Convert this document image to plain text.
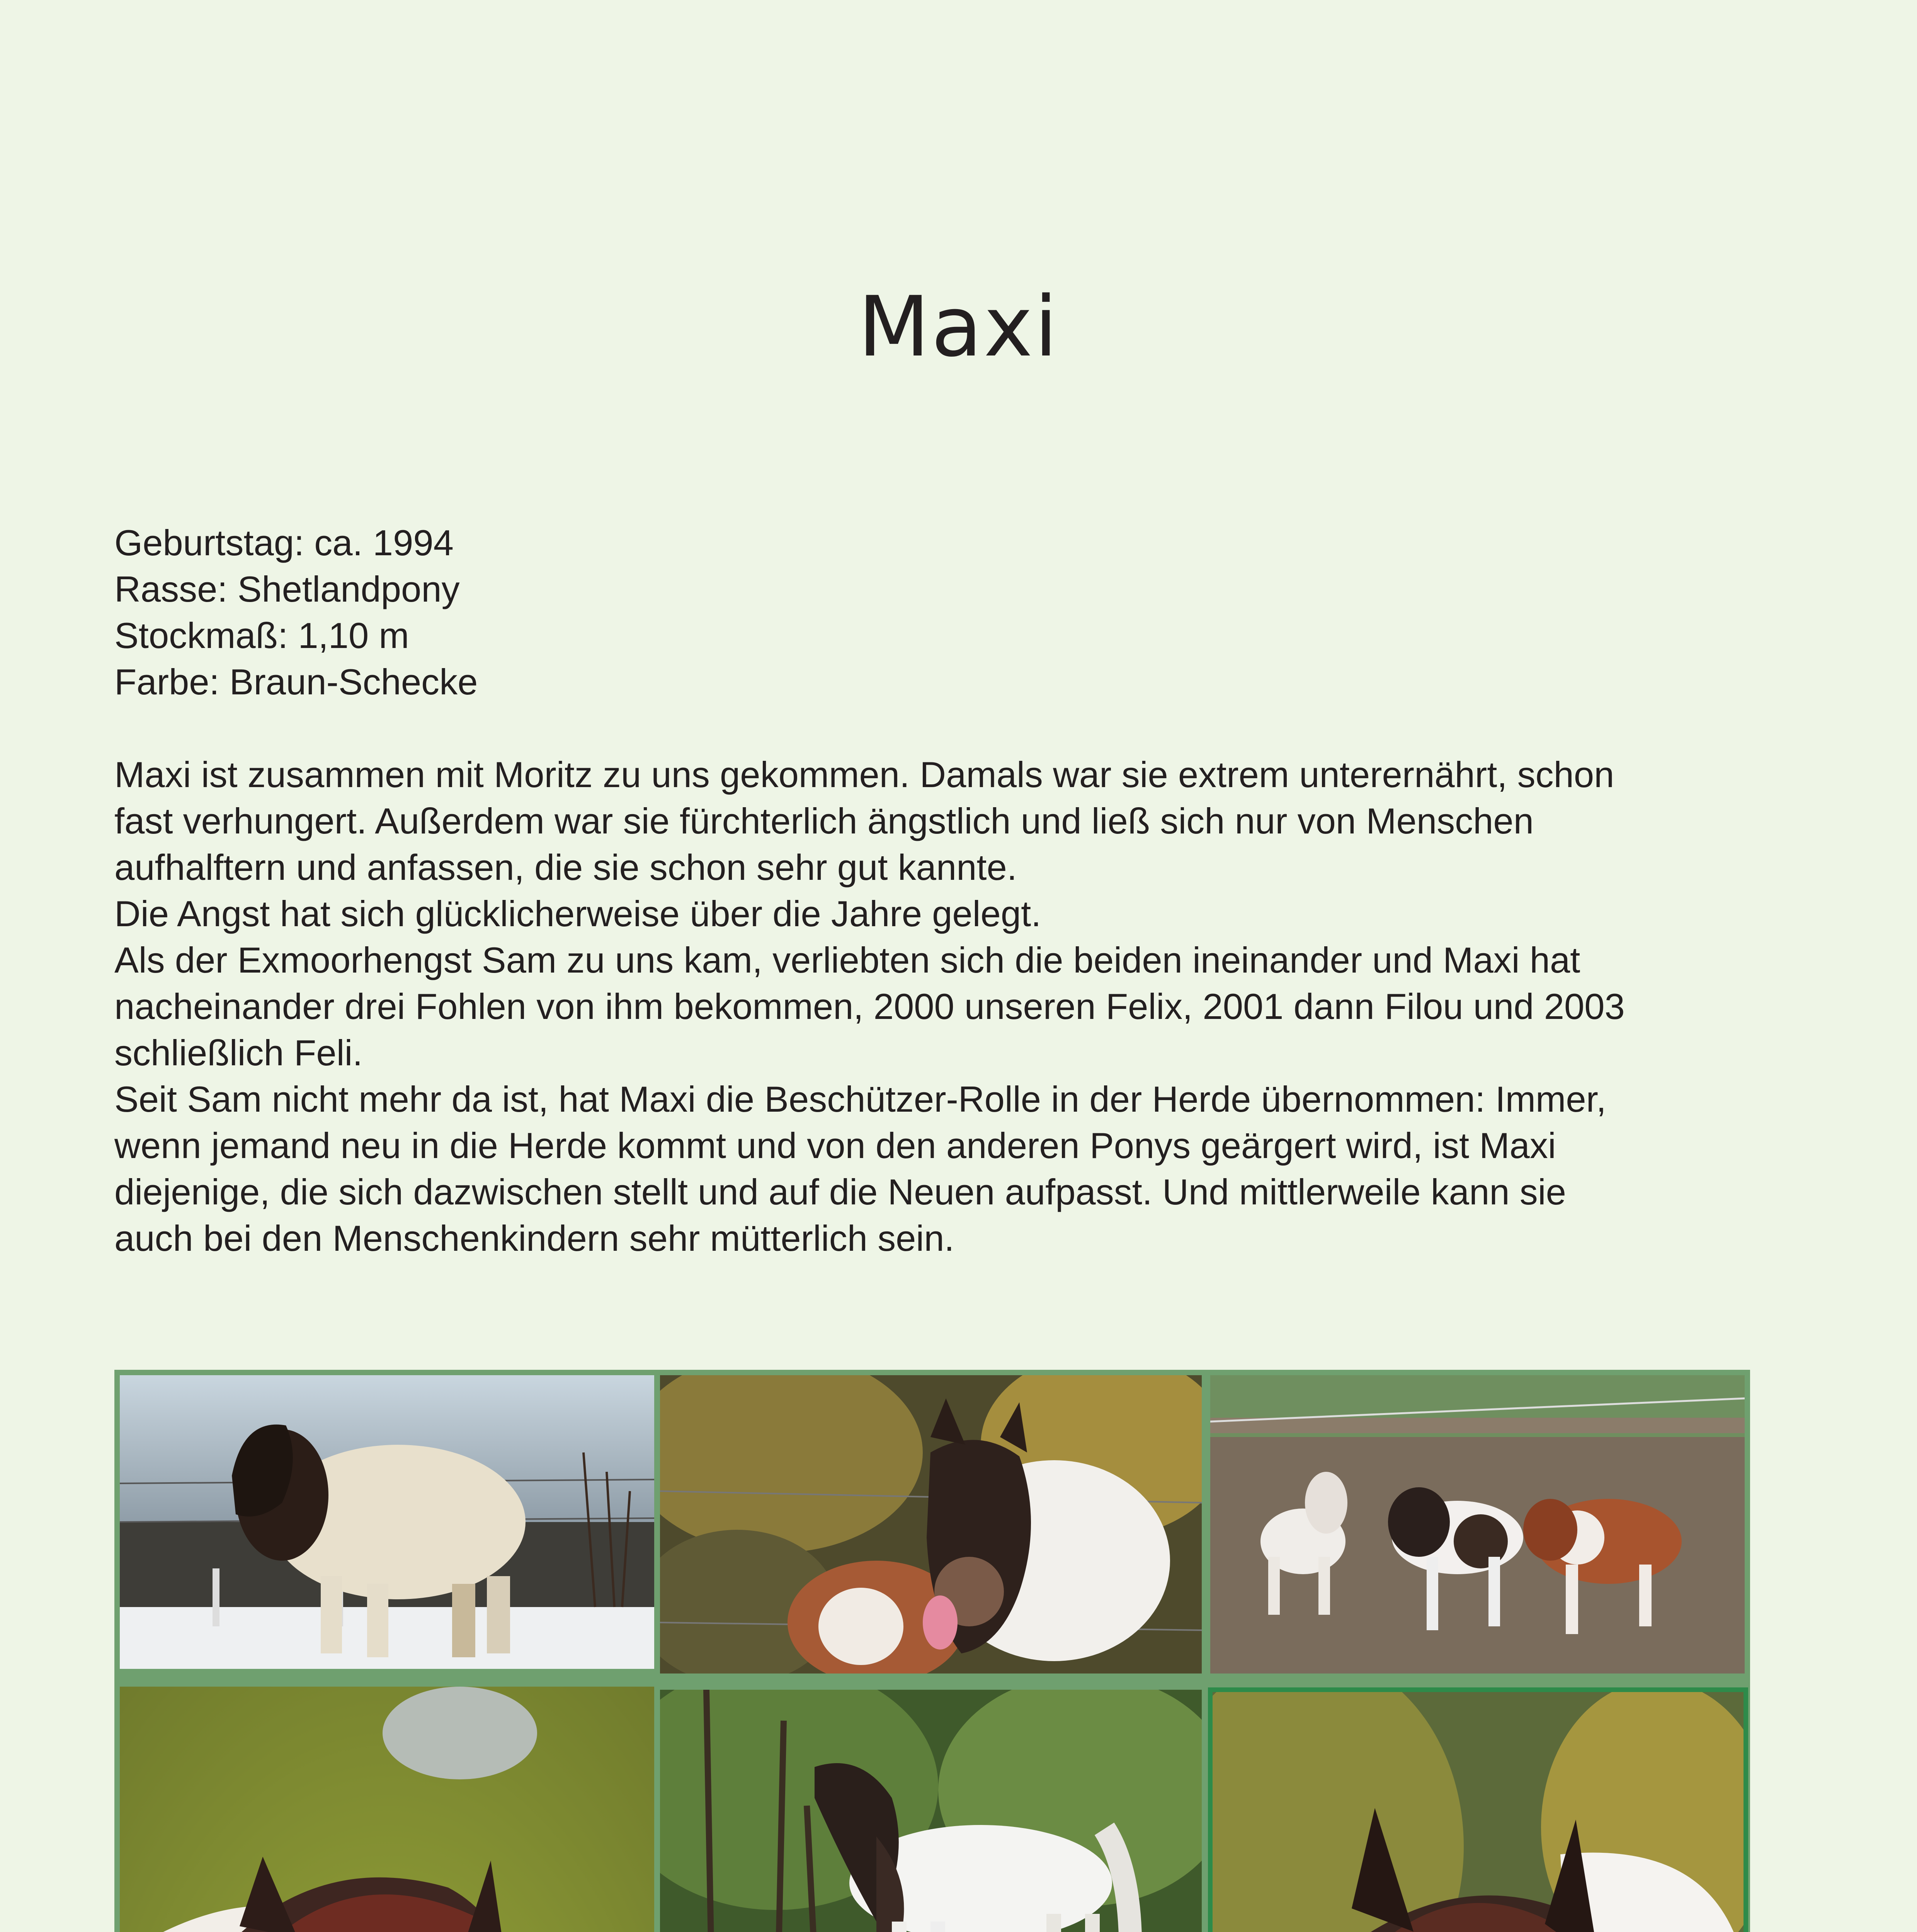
Maxi
Geburtstag: ca. 1994
Rasse: Shetlandpony
Stockmaß: 1,10 m
Farbe: Braun-Schecke
Maxi ist zusammen mit Moritz zu uns gekommen. Damals war sie extrem unterernährt, schon
fast verhungert. Außerdem war sie fürchterlich ängstlich und ließ sich nur von Menschen
aufhalftern und anfassen, die sie schon sehr gut kannte.
Die Angst hat sich glücklicherweise über die Jahre gelegt.
Als der Exmoorhengst Sam zu uns kam, verliebten sich die beiden ineinander und Maxi hat
nacheinander drei Fohlen von ihm bekommen, 2000 unseren Felix, 2001 dann Filou und 2003
schließlich Feli.
Seit Sam nicht mehr da ist, hat Maxi die Beschützer-Rolle in der Herde übernommen: Immer,
wenn jemand neu in die Herde kommt und von den anderen Ponys geärgert wird, ist Maxi
diejenige, die sich dazwischen stellt und auf die Neuen aufpasst. Und mittlerweile kann sie
auch bei den Menschenkindern sehr mütterlich sein.
